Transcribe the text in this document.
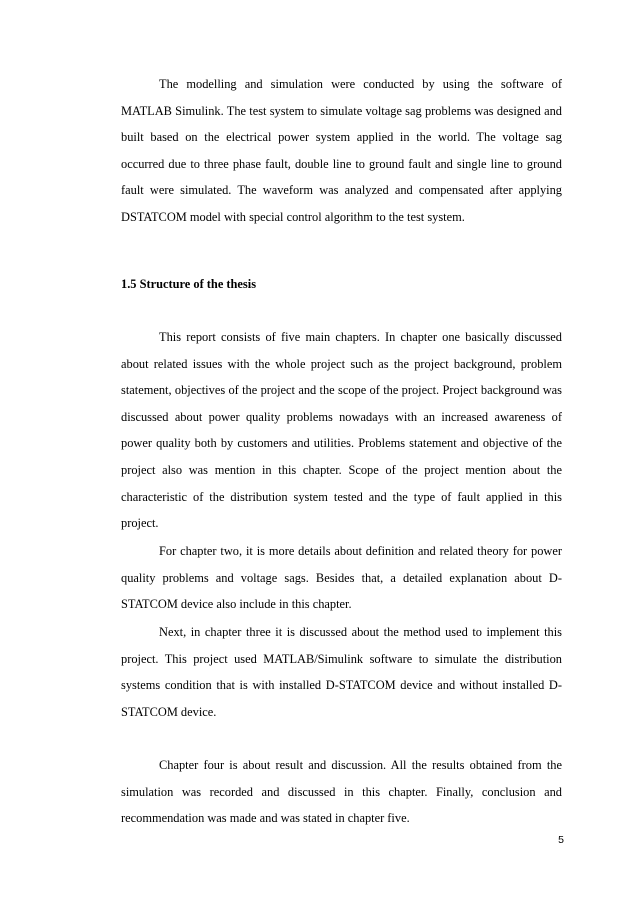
The modelling and simulation were conducted by using the software of MATLAB Simulink. The test system to simulate voltage sag problems was designed and built based on the electrical power system applied in the world. The voltage sag occurred due to three phase fault, double line to ground fault and single line to ground fault were simulated. The waveform was analyzed and compensated after applying DSTATCOM model with special control algorithm to the test system.

1.5 Structure of the thesis

This report consists of five main chapters. In chapter one basically discussed about related issues with the whole project such as the project background, problem statement, objectives of the project and the scope of the project. Project background was discussed about power quality problems nowadays with an increased awareness of power quality both by customers and utilities. Problems statement and objective of the project also was mention in this chapter. Scope of the project mention about the characteristic of the distribution system tested and the type of fault applied in this project.

For chapter two, it is more details about definition and related theory for power quality problems and voltage sags. Besides that, a detailed explanation about D-STATCOM device also include in this chapter.

Next, in chapter three it is discussed about the method used to implement this project. This project used MATLAB/Simulink software to simulate the distribution systems condition that is with installed D-STATCOM device and without installed D-STATCOM device.

Chapter four is about result and discussion. All the results obtained from the simulation was recorded and discussed in this chapter. Finally, conclusion and recommendation was made and was stated in chapter five.

5
